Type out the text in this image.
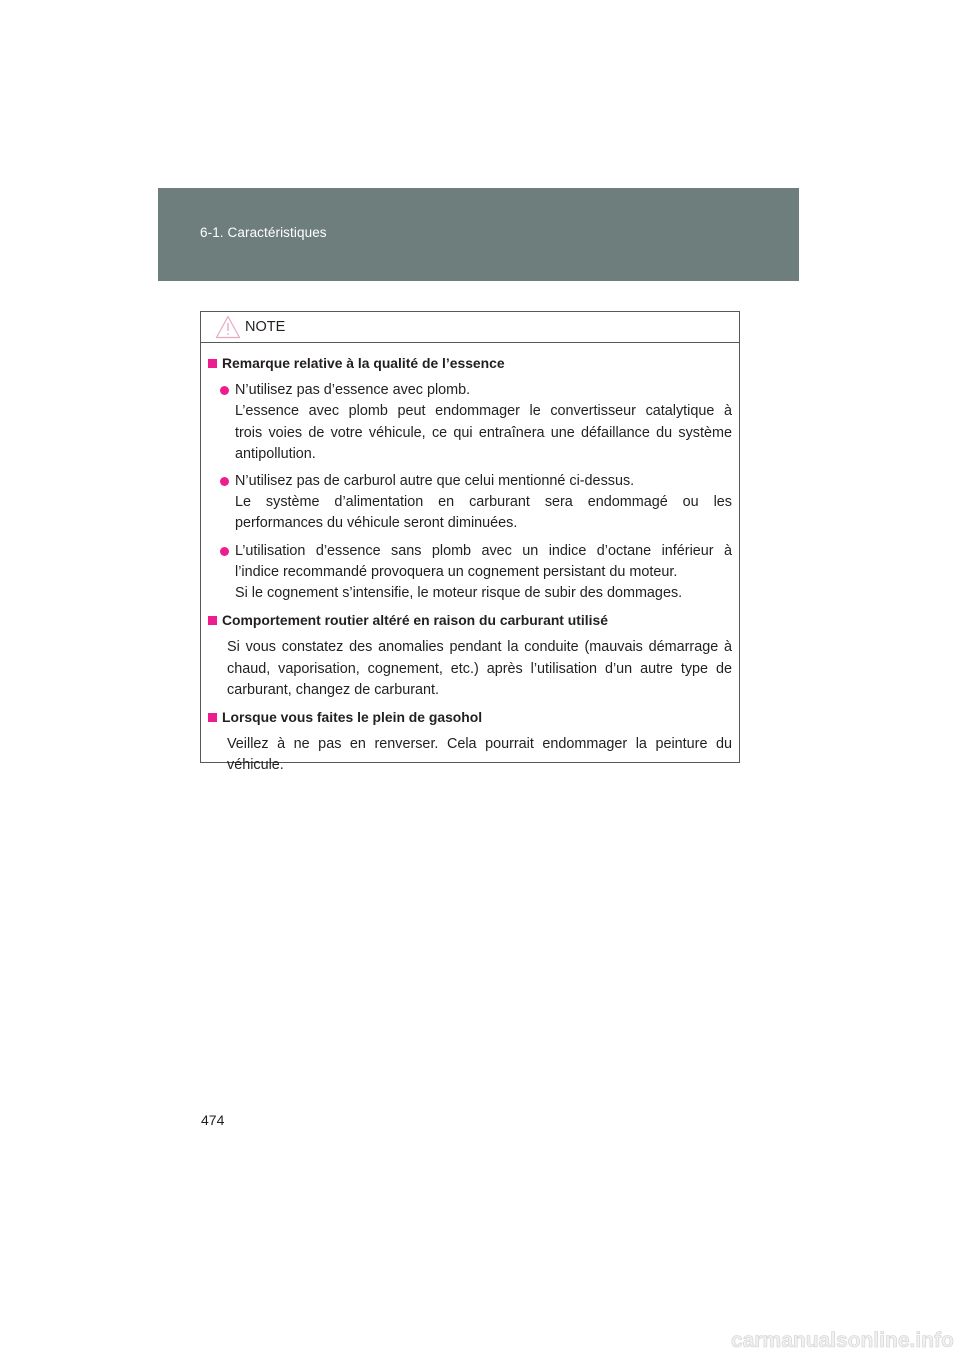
6-1. Caractéristiques
NOTE
Remarque relative à la qualité de l’essence
N’utilisez pas d’essence avec plomb.
L’essence avec plomb peut endommager le convertisseur catalytique à
trois voies de votre véhicule, ce qui entraînera une défaillance du système
antipollution.
N’utilisez pas de carburol autre que celui mentionné ci-dessus.
Le système d’alimentation en carburant sera endommagé ou les
performances du véhicule seront diminuées.
L’utilisation d’essence sans plomb avec un indice d’octane inférieur à
l’indice recommandé provoquera un cognement persistant du moteur.
Si le cognement s’intensifie, le moteur risque de subir des dommages.
Comportement routier altéré en raison du carburant utilisé
Si vous constatez des anomalies pendant la conduite (mauvais démarrage à
chaud, vaporisation, cognement, etc.) après l’utilisation d’un autre type de
carburant, changez de carburant.
Lorsque vous faites le plein de gasohol
Veillez à ne pas en renverser. Cela pourrait endommager la peinture du
véhicule.
474
carmanualsonline.info
